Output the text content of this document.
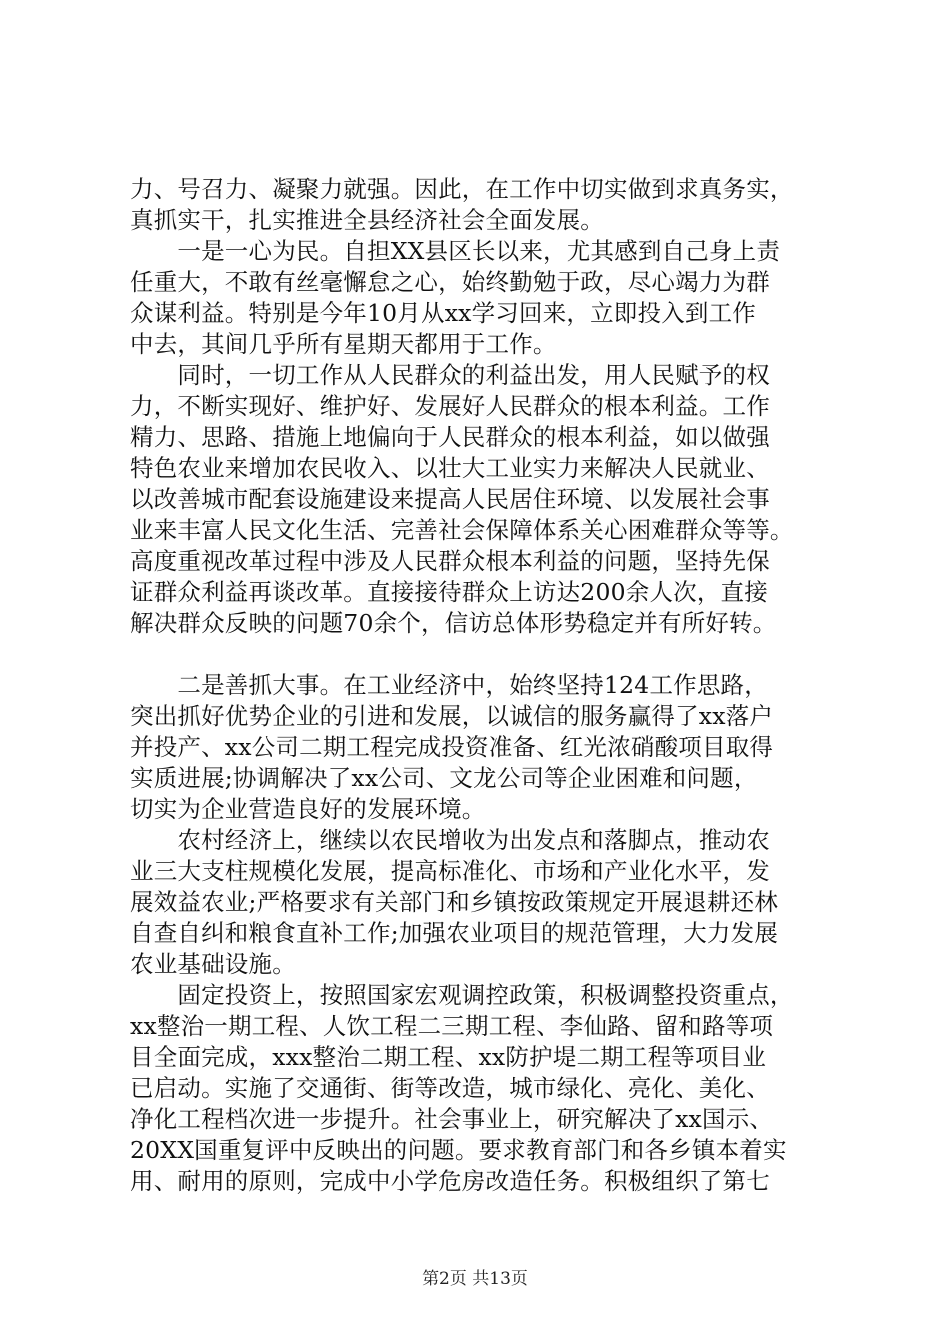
力、号召力、凝聚力就强。因此，在工作中切实做到求真务实，
真抓实干，扎实推进全县经济社会全面发展。
　　一是一心为民。自担XX县区长以来，尤其感到自己身上责
任重大，不敢有丝毫懈怠之心，始终勤勉于政，尽心竭力为群
众谋利益。特别是今年10月从xx学习回来，立即投入到工作
中去，其间几乎所有星期天都用于工作。
　　同时，一切工作从人民群众的利益出发，用人民赋予的权
力，不断实现好、维护好、发展好人民群众的根本利益。工作
精力、思路、措施上地偏向于人民群众的根本利益，如以做强
特色农业来增加农民收入、以壮大工业实力来解决人民就业、
以改善城市配套设施建设来提高人民居住环境、以发展社会事
业来丰富人民文化生活、完善社会保障体系关心困难群众等等。
高度重视改革过程中涉及人民群众根本利益的问题，坚持先保
证群众利益再谈改革。直接接待群众上访达200余人次，直接
解决群众反映的问题70余个，信访总体形势稳定并有所好转。
　　二是善抓大事。在工业经济中，始终坚持124工作思路，
突出抓好优势企业的引进和发展，以诚信的服务赢得了xx落户
并投产、xx公司二期工程完成投资准备、红光浓硝酸项目取得
实质进展;协调解决了xx公司、文龙公司等企业困难和问题，
切实为企业营造良好的发展环境。
　　农村经济上，继续以农民增收为出发点和落脚点，推动农
业三大支柱规模化发展，提高标准化、市场和产业化水平，发
展效益农业;严格要求有关部门和乡镇按政策规定开展退耕还林
自查自纠和粮食直补工作;加强农业项目的规范管理，大力发展
农业基础设施。
　　固定投资上，按照国家宏观调控政策，积极调整投资重点，
xx整治一期工程、人饮工程二三期工程、李仙路、留和路等项
目全面完成，xxx整治二期工程、xx防护堤二期工程等项目业
已启动。实施了交通街、街等改造，城市绿化、亮化、美化、
净化工程档次进一步提升。社会事业上，研究解决了xx国示、
20XX国重复评中反映出的问题。要求教育部门和各乡镇本着实
用、耐用的原则，完成中小学危房改造任务。积极组织了第七
第2页 共13页
